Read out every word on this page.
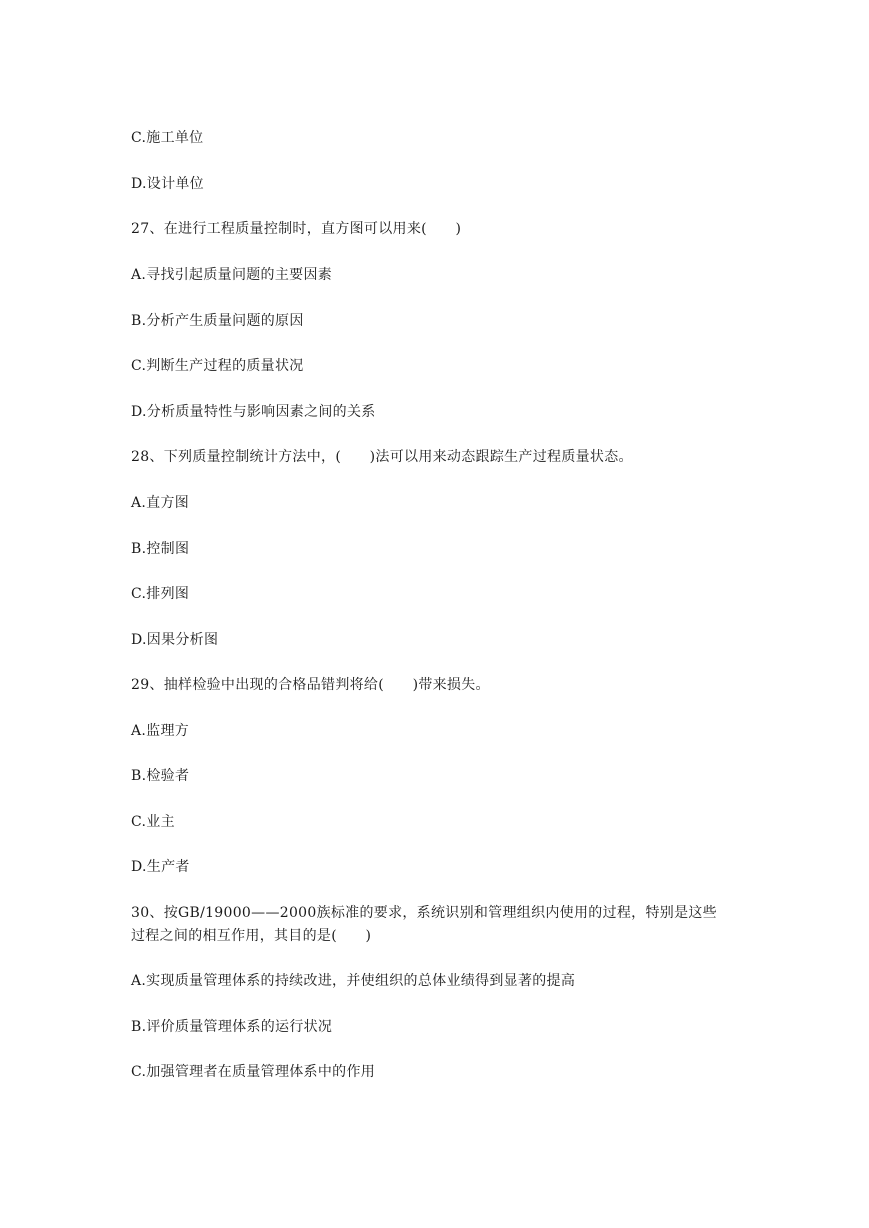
C.施工单位
D.设计单位
27、在进行工程质量控制时，直方图可以用来(　　)
A.寻找引起质量问题的主要因素
B.分析产生质量问题的原因
C.判断生产过程的质量状况
D.分析质量特性与影响因素之间的关系
28、下列质量控制统计方法中，(　　)法可以用来动态跟踪生产过程质量状态。
A.直方图
B.控制图
C.排列图
D.因果分析图
29、抽样检验中出现的合格品错判将给(　　)带来损失。
A.监理方
B.检验者
C.业主
D.生产者
30、按GB/19000——2000族标准的要求，系统识别和管理组织内使用的过程，特别是这些
过程之间的相互作用，其目的是(　　)
A.实现质量管理体系的持续改进，并使组织的总体业绩得到显著的提高
B.评价质量管理体系的运行状况
C.加强管理者在质量管理体系中的作用
